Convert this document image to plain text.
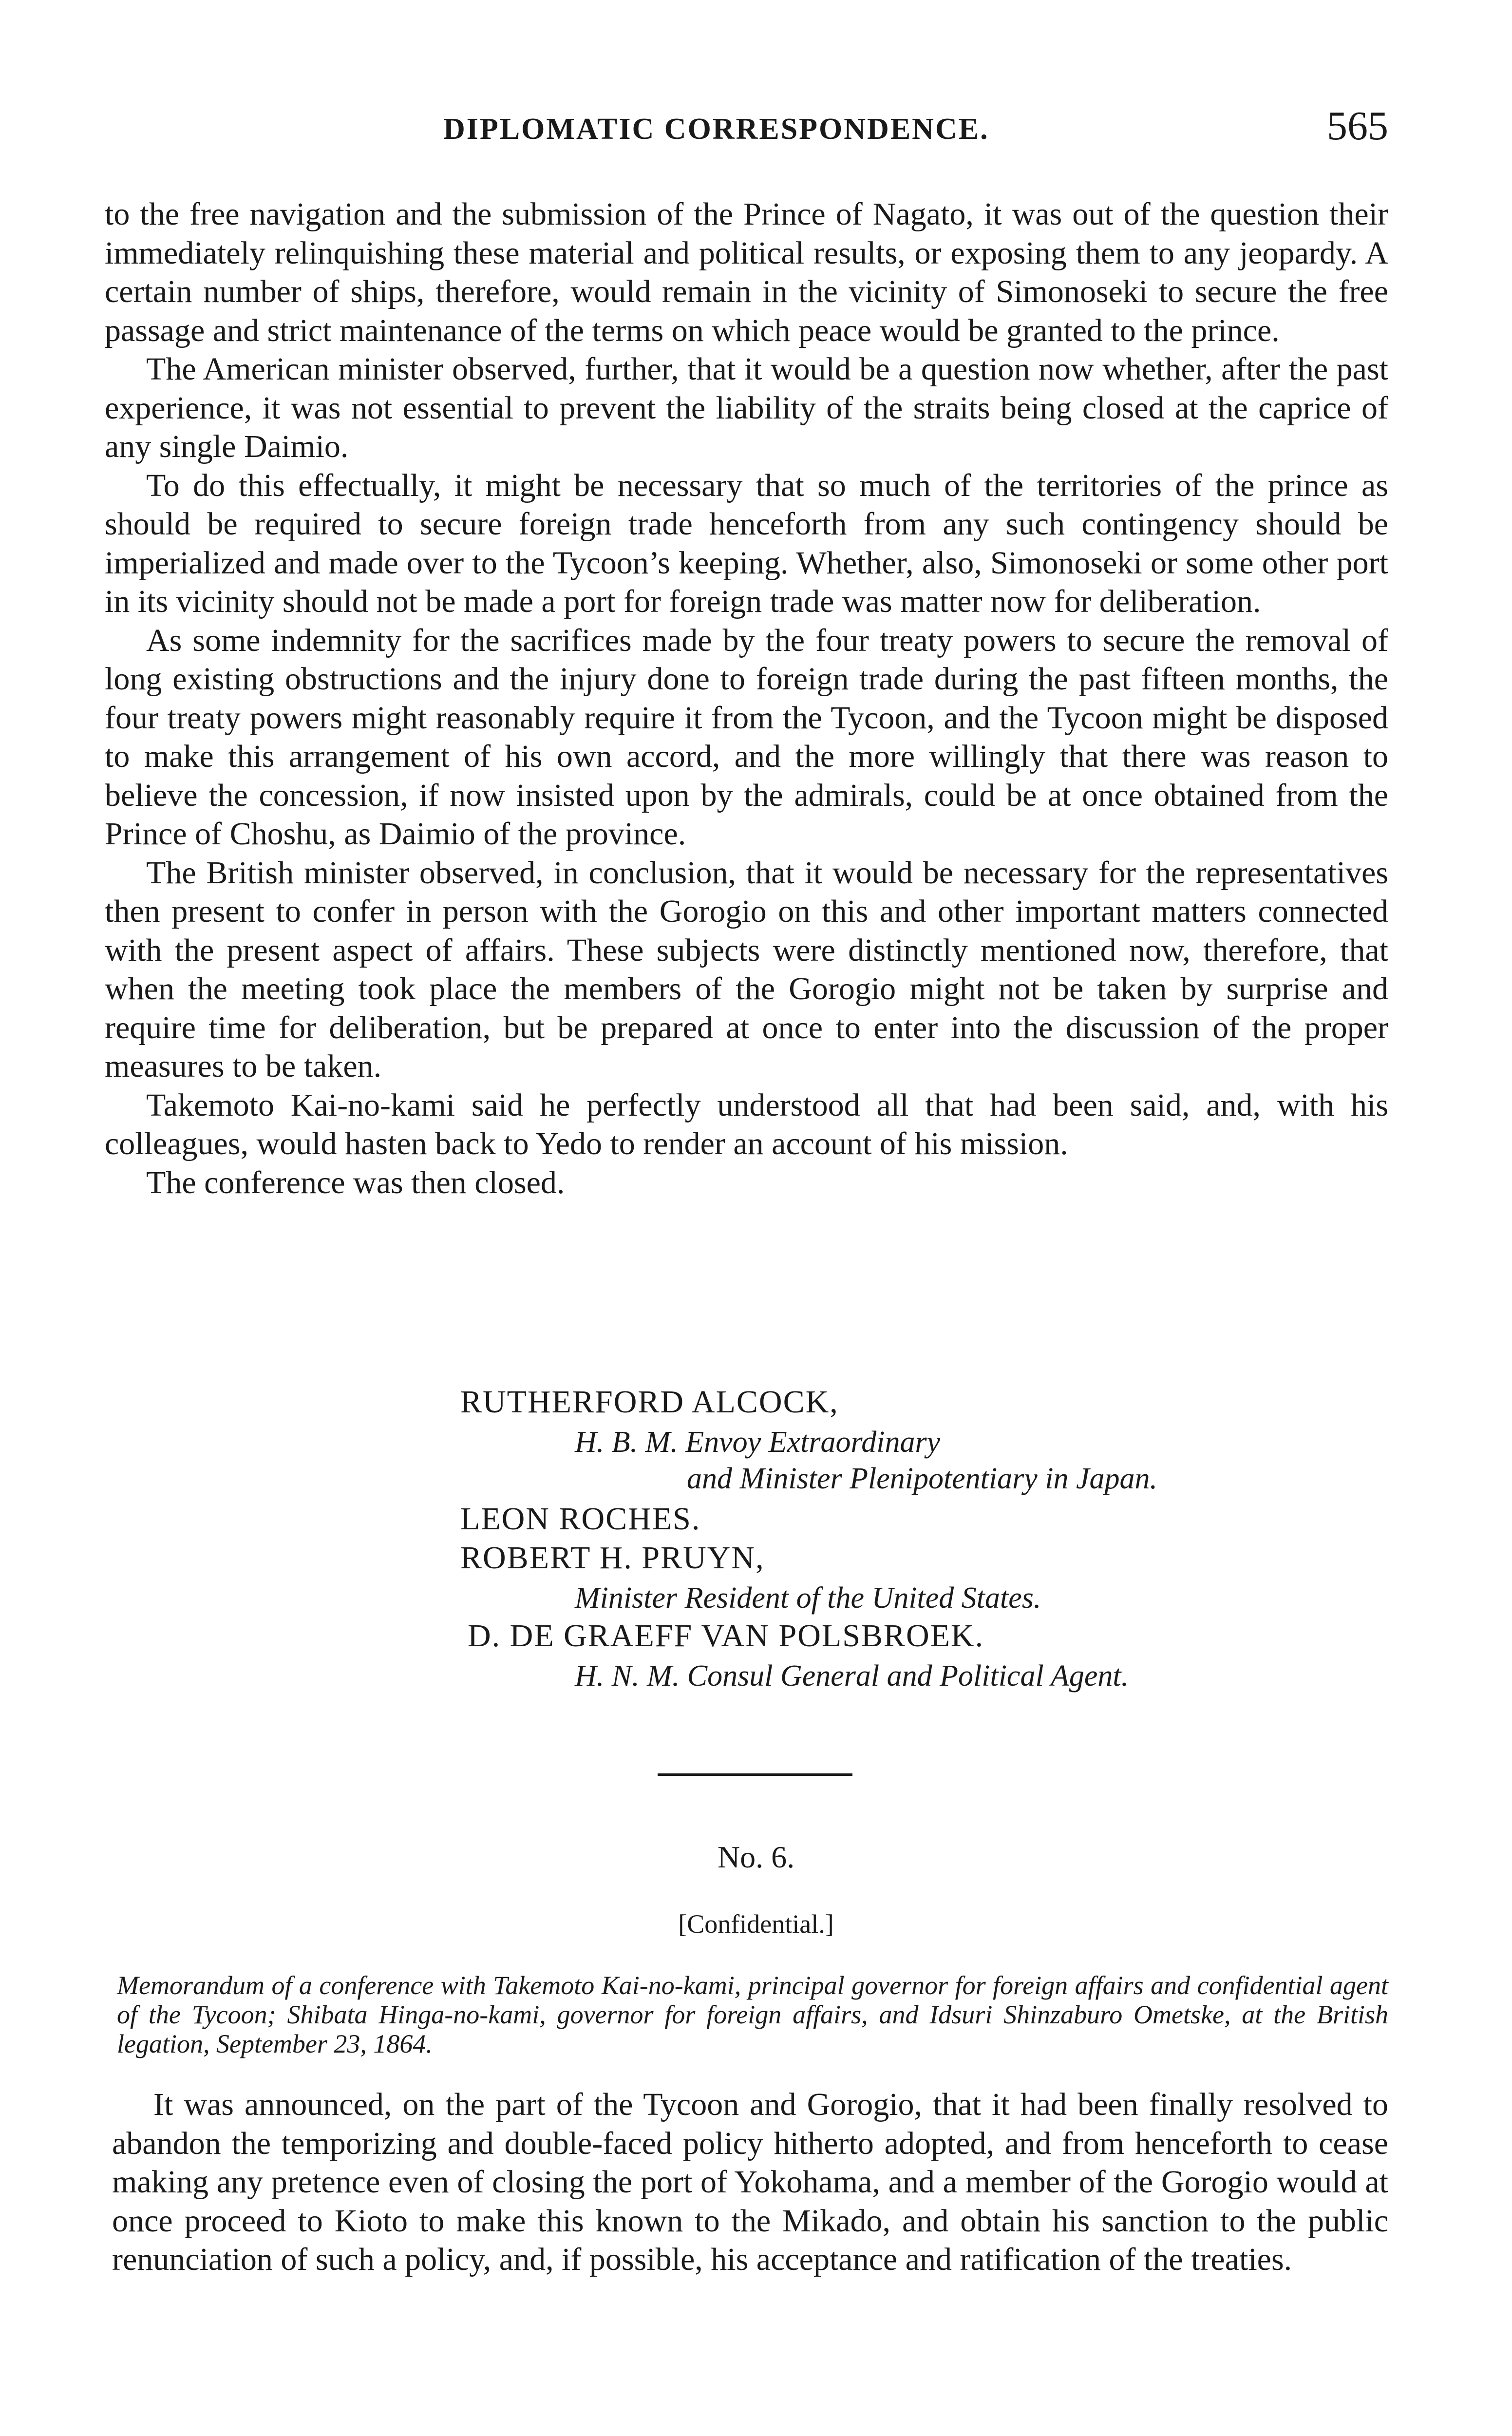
DIPLOMATIC CORRESPONDENCE.	565

to the free navigation and the submission of the Prince of Nagato, it was out of the question their immediately relinquishing these material and political results, or exposing them to any jeopardy. A certain number of ships, therefore, would remain in the vicinity of Simonoseki to secure the free passage and strict maintenance of the terms on which peace would be granted to the prince.

The American minister observed, further, that it would be a question now whether, after the past experience, it was not essential to prevent the liability of the straits being closed at the caprice of any single Daimio.

To do this effectually, it might be necessary that so much of the territories of the prince as should be required to secure foreign trade henceforth from any such contingency should be imperialized and made over to the Tycoon’s keeping. Whether, also, Simonoseki or some other port in its vicinity should not be made a port for foreign trade was matter now for deliberation.

As some indemnity for the sacrifices made by the four treaty powers to secure the removal of long existing obstructions and the injury done to foreign trade during the past fifteen months, the four treaty powers might reasonably require it from the Tycoon, and the Tycoon might be disposed to make this arrangement of his own accord, and the more willingly that there was reason to believe the concession, if now insisted upon by the admirals, could be at once obtained from the Prince of Choshu, as Daimio of the province.

The British minister observed, in conclusion, that it would be necessary for the representatives then present to confer in person with the Gorogio on this and other important matters connected with the present aspect of affairs. These subjects were distinctly mentioned now, therefore, that when the meeting took place the members of the Gorogio might not be taken by surprise and require time for deliberation, but be prepared at once to enter into the discussion of the proper measures to be taken.

Takemoto Kai-no-kami said he perfectly understood all that had been said, and, with his colleagues, would hasten back to Yedo to render an account of his mission.

The conference was then closed.

RUTHERFORD ALCOCK,
H. B. M. Envoy Extraordinary
and Minister Plenipotentiary in Japan.
LEON ROCHES.
ROBERT H. PRUYN,
Minister Resident of the United States.
D. DE GRAEFF VAN POLSBROEK.
H. N. M. Consul General and Political Agent.
No. 6.
[Confidential.]
Memorandum of a conference with Takemoto Kai-no-kami, principal governor for foreign affairs and confidential agent of the Tycoon; Shibata Hinga-no-kami, governor for foreign affairs, and Idsuri Shinzaburo Ometske, at the British legation, September 23, 1864.

It was announced, on the part of the Tycoon and Gorogio, that it had been finally resolved to abandon the temporizing and double-faced policy hitherto adopted, and from henceforth to cease making any pretence even of closing the port of Yokohama, and a member of the Gorogio would at once proceed to Kioto to make this known to the Mikado, and obtain his sanction to the public renunciation of such a policy, and, if possible, his acceptance and ratification of the treaties.
